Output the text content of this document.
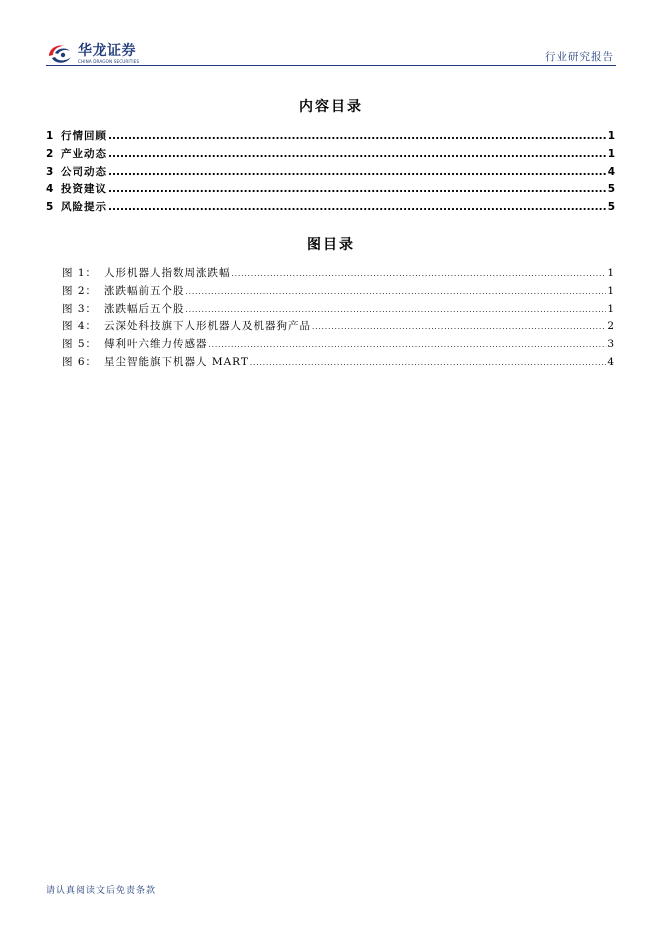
华龙证券
CHINA DRAGON SECURITIES	行业研究报告
内容目录
1 行情回顾 .....	1
2 产业动态 .....	1
3 公司动态 .....	4
4 投资建议 .....	5
5 风险提示 .....	5
图目录
图 1： 人形机器人指数周涨跌幅 .....	1
图 2： 涨跌幅前五个股 .....	1
图 3： 涨跌幅后五个股 .....	1
图 4： 云深处科技旗下人形机器人及机器狗产品 .....	2
图 5： 傅利叶六维力传感器 .....	3
图 6： 星尘智能旗下机器人 MART .....	4
请认真阅读文后免责条款
